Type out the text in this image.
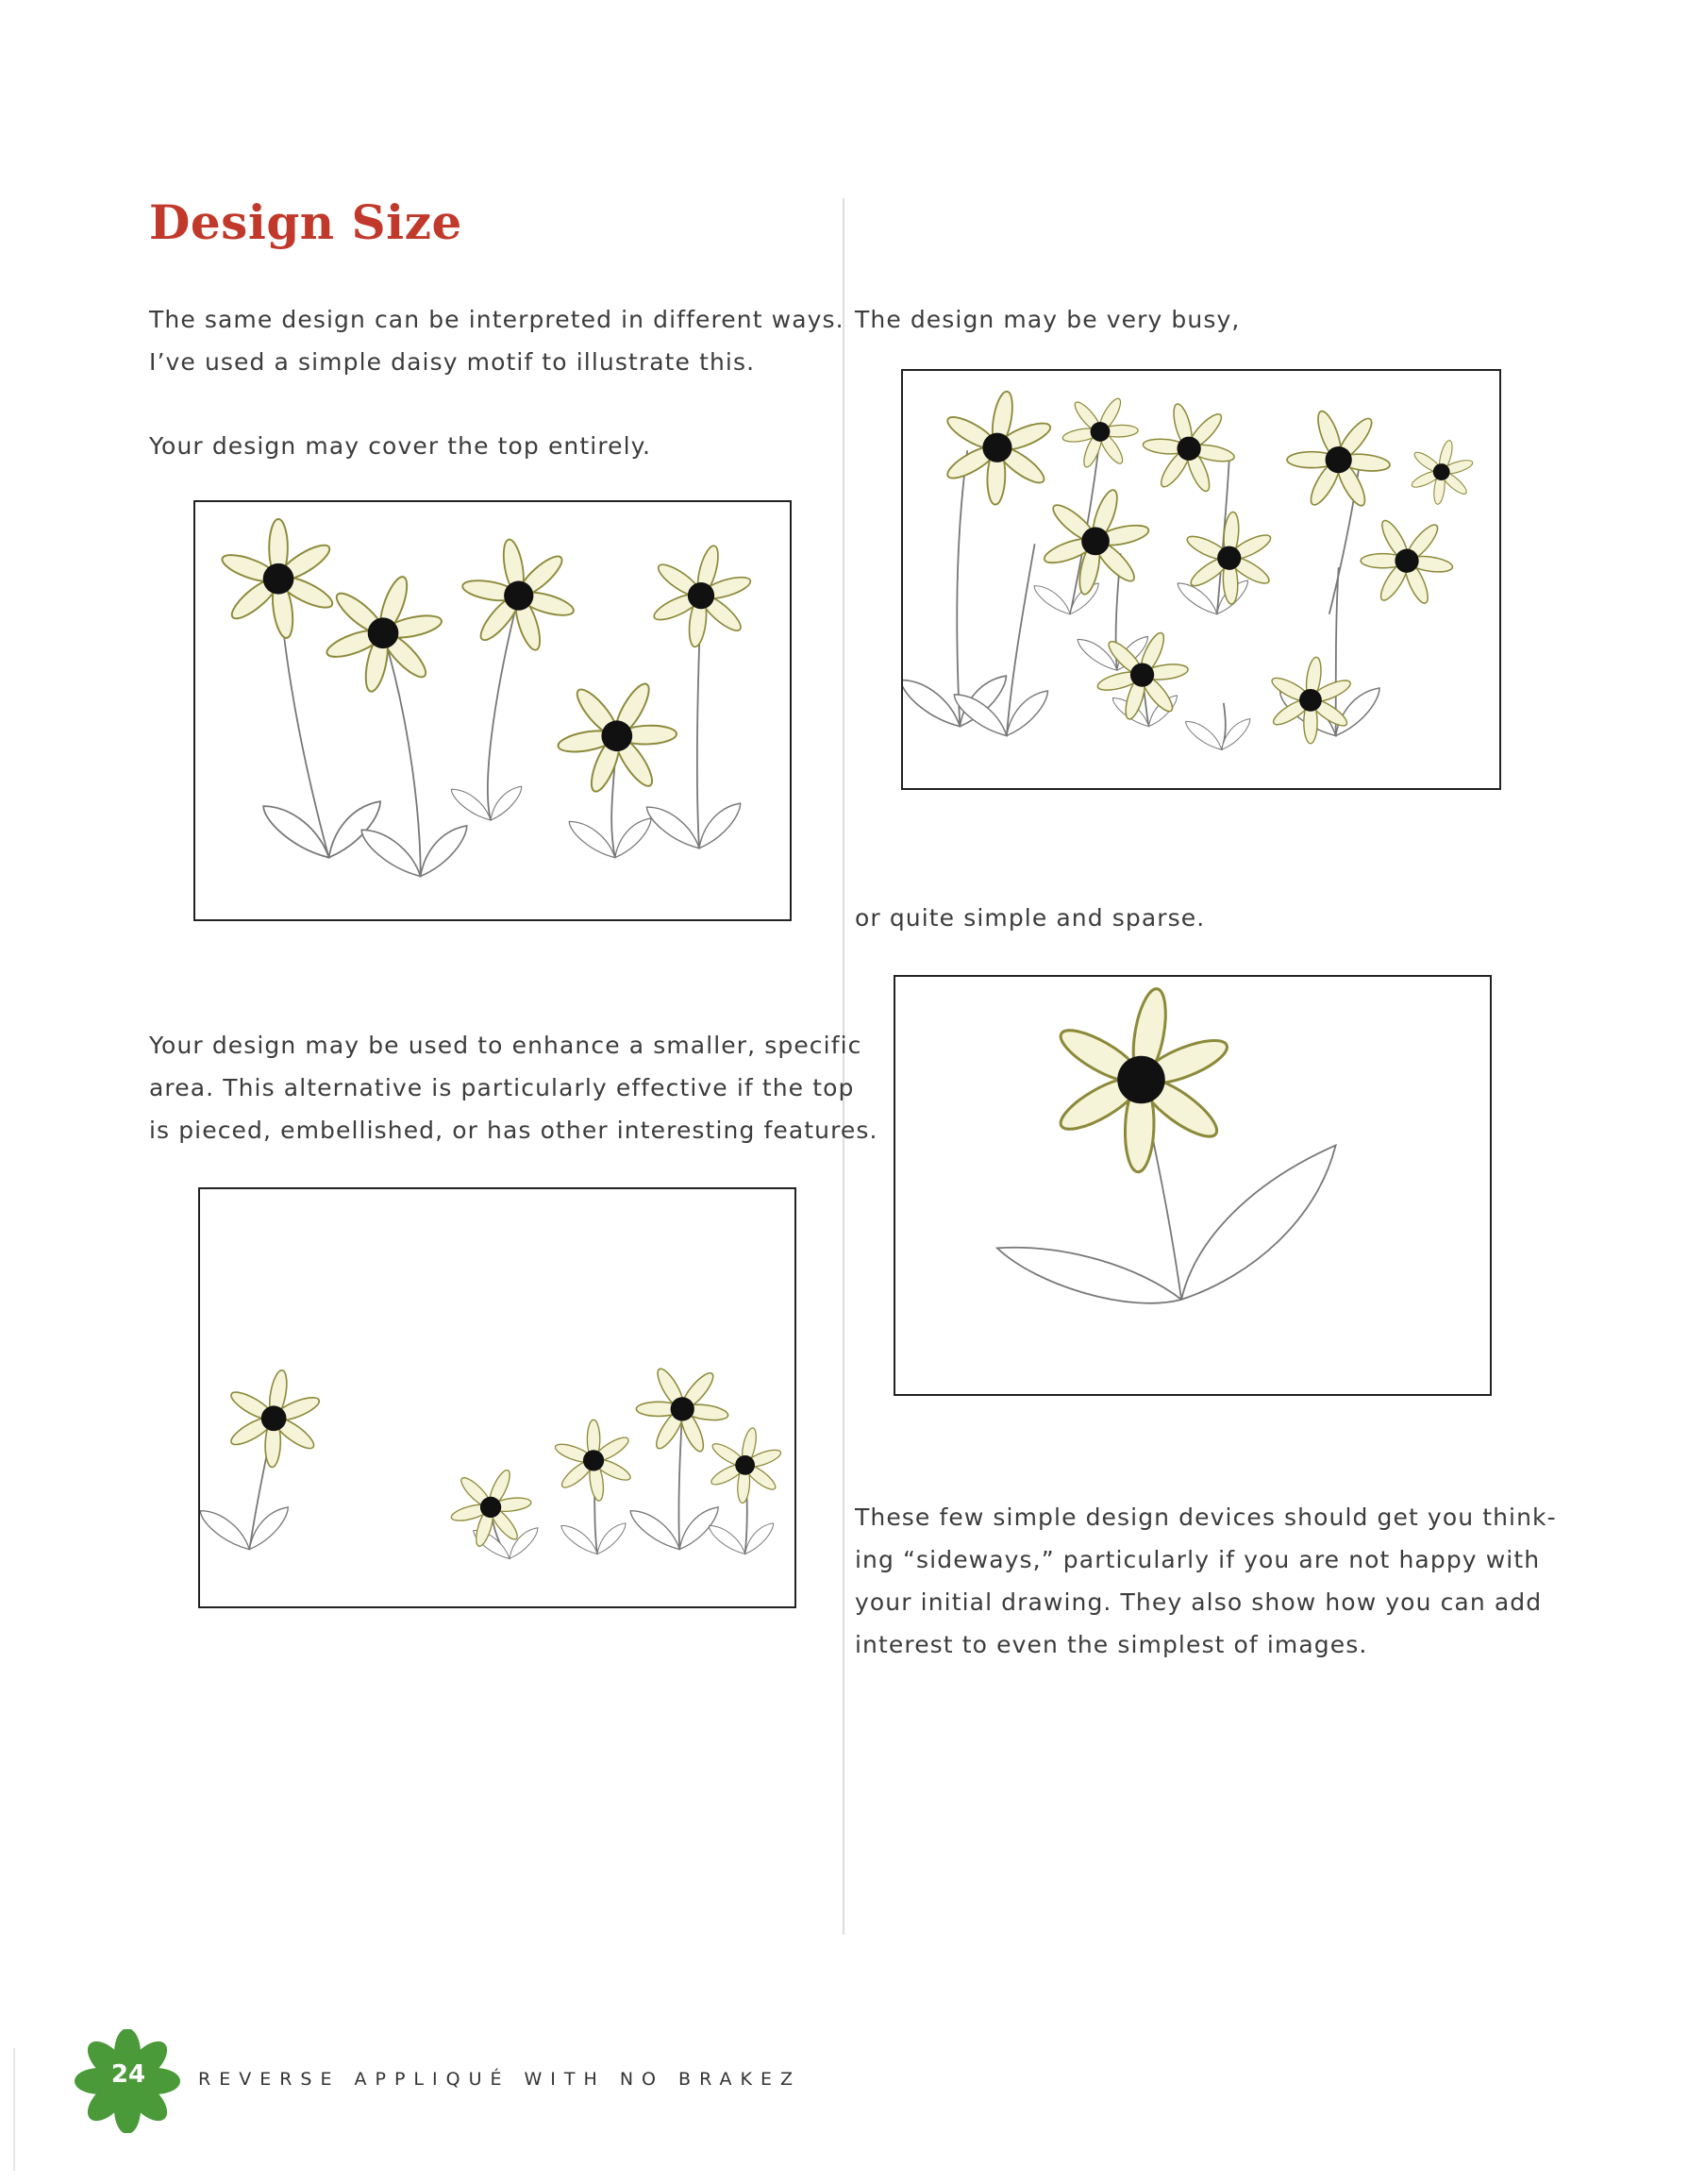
Design Size

The same design can be interpreted in different ways.
I’ve used a simple daisy motif to illustrate this.

Your design may cover the top entirely.

Your design may be used to enhance a smaller, specific
area. This alternative is particularly effective if the top
is pieced, embellished, or has other interesting features.

The design may be very busy,

or quite simple and sparse.

These few simple design devices should get you think-
ing “sideways,” particularly if you are not happy with
your initial drawing. They also show how you can add
interest to even the simplest of images.

24	REVERSE APPLIQUÉ WITH NO BRAKEZ
